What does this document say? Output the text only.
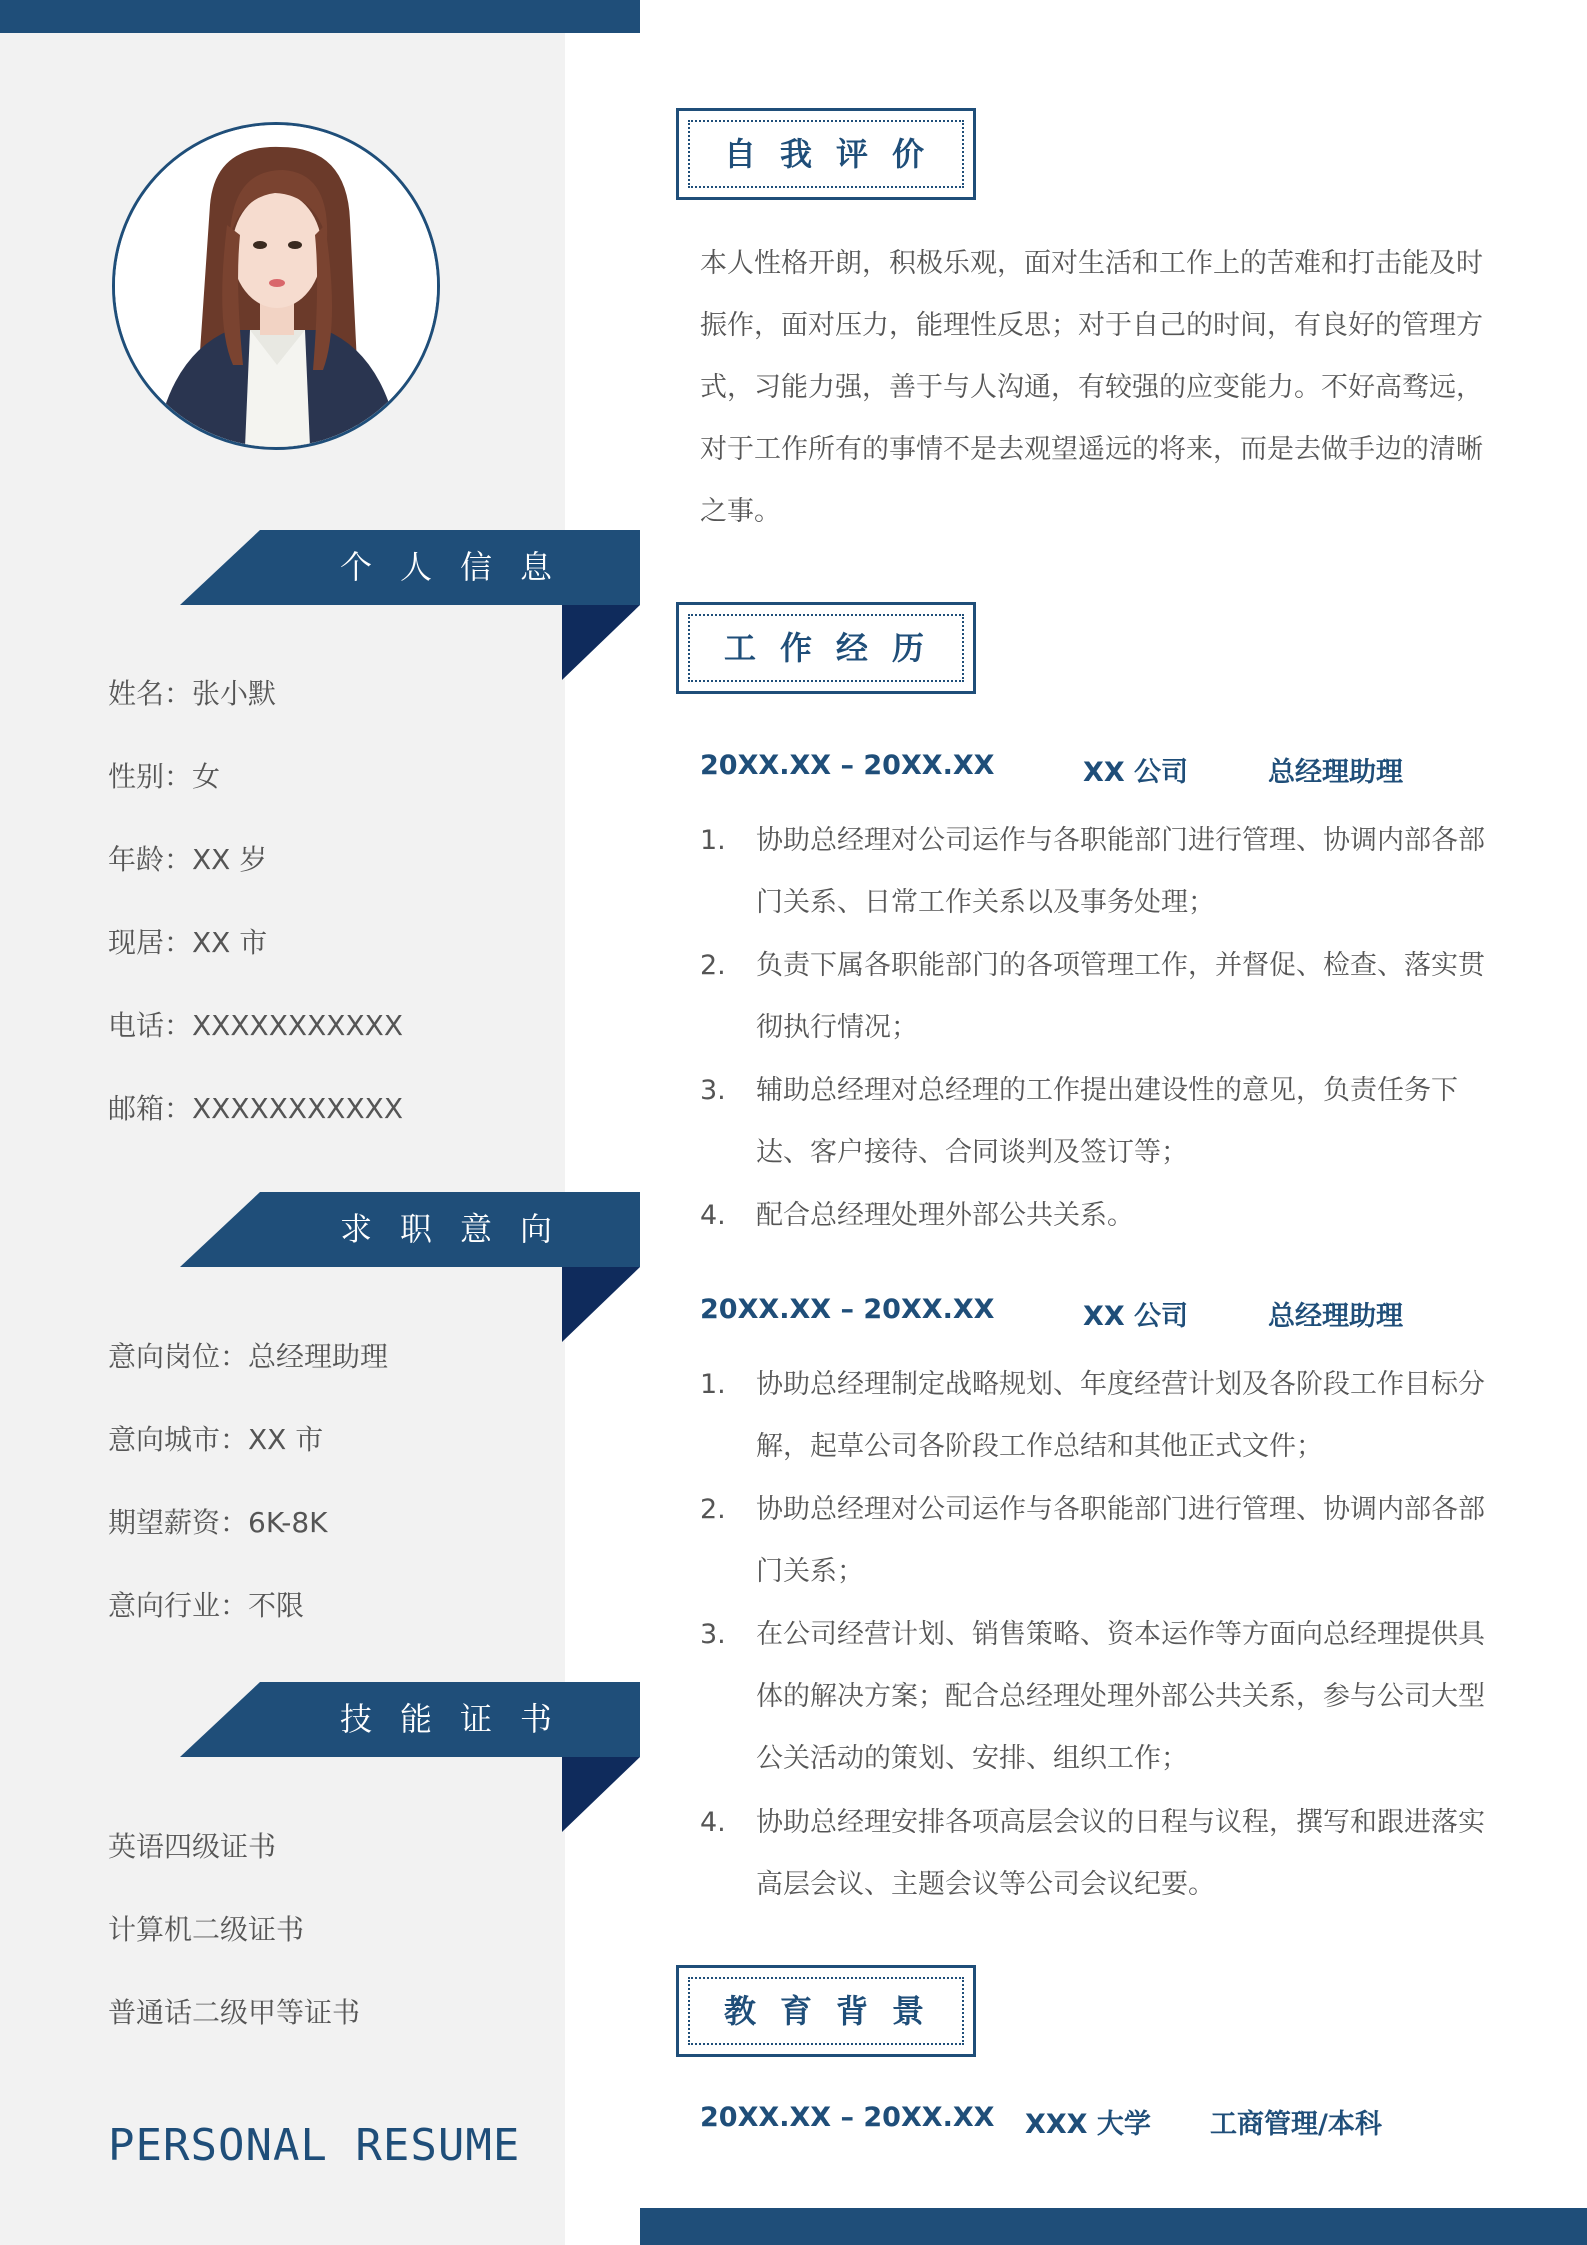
个人信息
姓名：张小默
性别：女
年龄：XX 岁
现居：XX 市
电话：XXXXXXXXXXX
邮箱：XXXXXXXXXXX
求职意向
意向岗位：总经理助理
意向城市：XX 市
期望薪资：6K-8K
意向行业：不限
技能证书
英语四级证书
计算机二级证书
普通话二级甲等证书
PERSONAL RESUME
自我评价
本人性格开朗，积极乐观，面对生活和工作上的苦难和打击能及时振作，面对压力，能理性反思；对于自己的时间，有良好的管理方式，习能力强，善于与人沟通，有较强的应变能力。不好高骛远，对于工作所有的事情不是去观望遥远的将来，而是去做手边的清晰之事。
工作经历
20XX.XX – 20XX.XX	XX 公司	总经理助理
1. 协助总经理对公司运作与各职能部门进行管理、协调内部各部门关系、日常工作关系以及事务处理；
2. 负责下属各职能部门的各项管理工作，并督促、检查、落实贯彻执行情况；
3. 辅助总经理对总经理的工作提出建设性的意见，负责任务下达、客户接待、合同谈判及签订等；
4. 配合总经理处理外部公共关系。
20XX.XX – 20XX.XX	XX 公司	总经理助理
1. 协助总经理制定战略规划、年度经营计划及各阶段工作目标分解，起草公司各阶段工作总结和其他正式文件；
2. 协助总经理对公司运作与各职能部门进行管理、协调内部各部门关系；
3. 在公司经营计划、销售策略、资本运作等方面向总经理提供具体的解决方案；配合总经理处理外部公共关系，参与公司大型公关活动的策划、安排、组织工作；
4. 协助总经理安排各项高层会议的日程与议程，撰写和跟进落实高层会议、主题会议等公司会议纪要。
教育背景
20XX.XX – 20XX.XX XXX 大学 工商管理/本科
